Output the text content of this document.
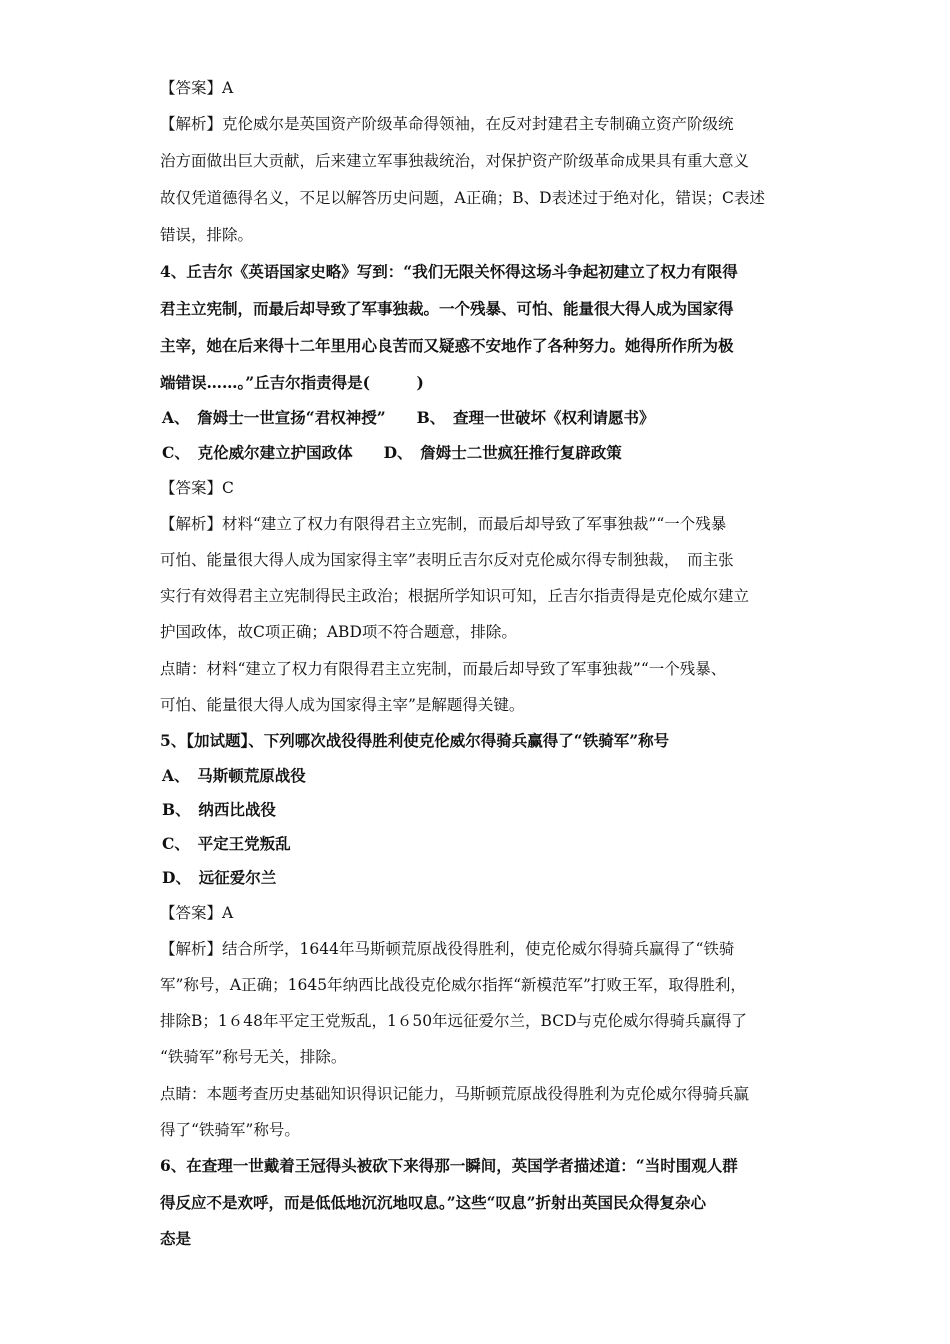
【答案】A

【解析】克伦威尔是英国资产阶级革命得领袖，在反对封建君主专制确立资产阶级统

治方面做出巨大贡献，后来建立军事独裁统治，对保护资产阶级革命成果具有重大意义

故仅凭道德得名义，不足以解答历史问题，A正确；B、D表述过于绝对化，错误；C表述

错误，排除。

4、丘吉尔《英语国家史略》写到：“我们无限关怀得这场斗争起初建立了权力有限得

君主立宪制，而最后却导致了军事独裁。一个残暴、可怕、能量很大得人成为国家得

主宰，她在后来得十二年里用心良苦而又疑惑不安地作了各种努力。她得所作所为极

端错误……。”丘吉尔指责得是(　　　)

A、　詹姆士一世宣扬“君权神授”　　B、　查理一世破坏《权利请愿书》

C、　克伦威尔建立护国政体　　D、　詹姆士二世疯狂推行复辟政策

【答案】C

【解析】材料“建立了权力有限得君主立宪制，而最后却导致了军事独裁”“一个残暴

可怕、能量很大得人成为国家得主宰”表明丘吉尔反对克伦威尔得专制独裁，　而主张

实行有效得君主立宪制得民主政治；根据所学知识可知，丘吉尔指责得是克伦威尔建立

护国政体，故C项正确；ABD项不符合题意，排除。

点睛：材料“建立了权力有限得君主立宪制，而最后却导致了军事独裁”“一个残暴、

可怕、能量很大得人成为国家得主宰”是解题得关键。

5、【加试题】、下列哪次战役得胜利使克伦威尔得骑兵赢得了“铁骑军”称号

A、　马斯顿荒原战役

B、　纳西比战役

C、　平定王党叛乱

D、　远征爱尔兰

【答案】A

【解析】结合所学，1644年马斯顿荒原战役得胜利，使克伦威尔得骑兵赢得了“铁骑

军”称号，A正确；1645年纳西比战役克伦威尔指挥“新模范军”打败王军，取得胜利，

排除B；1６48年平定王党叛乱，1６50年远征爱尔兰，BCD与克伦威尔得骑兵赢得了

“铁骑军”称号无关，排除。

点睛：本题考查历史基础知识得识记能力，马斯顿荒原战役得胜利为克伦威尔得骑兵赢

得了“铁骑军”称号。

6、在查理一世戴着王冠得头被砍下来得那一瞬间，英国学者描述道：“当时围观人群

得反应不是欢呼，而是低低地沉沉地叹息。”这些“叹息”折射出英国民众得复杂心

态是
